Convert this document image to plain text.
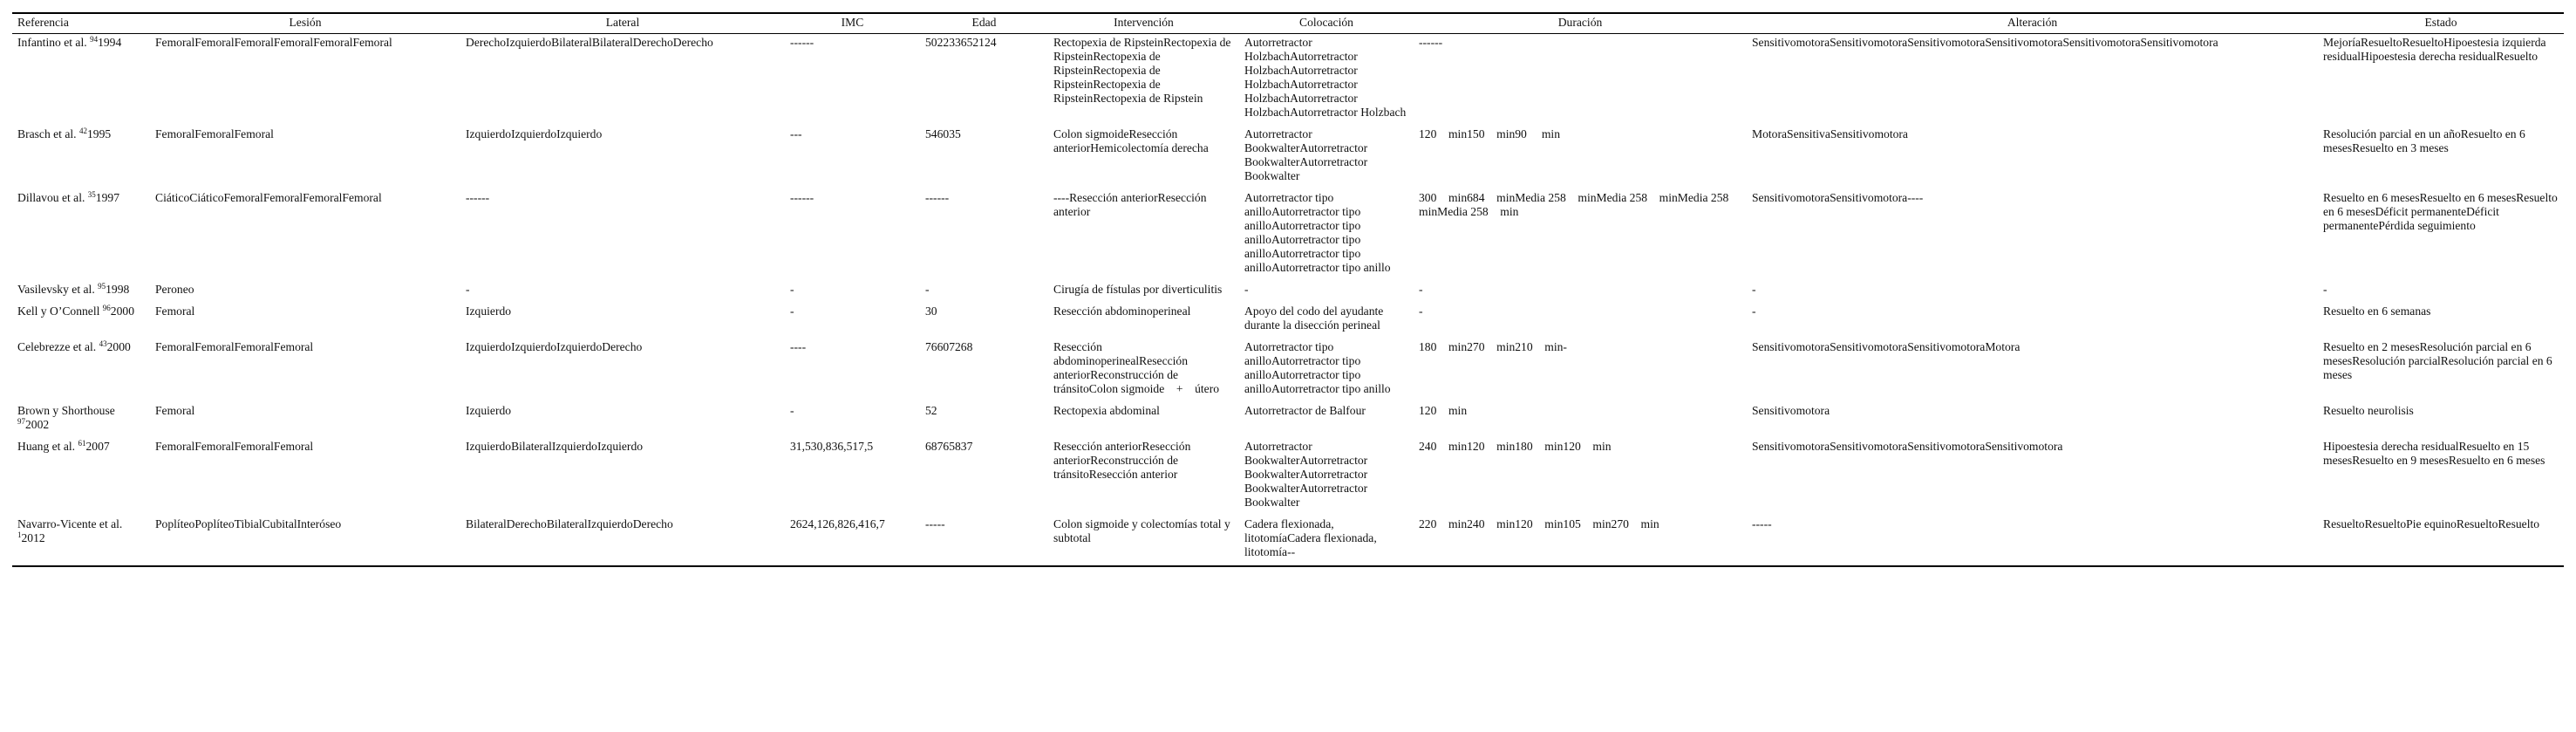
Referencia	Lesión	Lateral	IMC	Edad	Intervención	Colocación	Duración	Alteración	Estado
Infantino et al. $^{94}$1994	FemoralFemoralFemoralFemoralFemoralFemoral	DerechoIzquierdoBilateralBilateralDerechoDerecho	------	502233652124	Rectopexia de RipsteinRectopexia de RipsteinRectopexia de RipsteinRectopexia de RipsteinRectopexia de RipsteinRectopexia de Ripstein	Autorretractor HolzbachAutorretractor HolzbachAutorretractor HolzbachAutorretractor HolzbachAutorretractor HolzbachAutorretractor Holzbach	------	SensitivomotoraSensitivomotoraSensitivomotoraSensitivomotoraSensitivomotoraSensitivomotora	MejoríaResueltoResueltoHipoestesia izquierda residualHipoestesia derecha residualResuelto
Brasch et al. $^{42}$1995	FemoralFemoralFemoral	IzquierdoIzquierdoIzquierdo	---	546035	Colon sigmoideResección anteriorHemicolectomía derecha	Autorretractor BookwalterAutorretractor BookwalterAutorretractor Bookwalter	120    min150    min90     min	MotoraSensitivaSensitivomotora	Resolución parcial en un añoResuelto en 6 mesesResuelto en 3 meses
Dillavou et al. $^{35}$1997	CiáticoCiáticoFemoralFemoralFemoralFemoral	------	------	------	----Resección anteriorResección anterior	Autorretractor tipo anilloAutorretractor tipo anilloAutorretractor tipo anilloAutorretractor tipo anilloAutorretractor tipo anilloAutorretractor tipo anillo	300    min684    minMedia 258    minMedia 258    minMedia 258    minMedia 258    min	SensitivomotoraSensitivomotora----	Resuelto en 6 mesesResuelto en 6 mesesResuelto en 6 mesesDéficit permanenteDéficit permanentePérdida seguimiento
Vasilevsky et al. $^{95}$1998	Peroneo	-	-	-	Cirugía de fístulas por diverticulitis	-	-	-	-
Kell y O’Connell $^{96}$2000	Femoral	Izquierdo	-	30	Resección abdominoperineal	Apoyo del codo del ayudante durante la disección perineal	-	-	Resuelto en 6 semanas
Celebrezze et al. $^{43}$2000	FemoralFemoralFemoralFemoral	IzquierdoIzquierdoIzquierdoDerecho	----	76607268	Resección abdominoperinealResección anteriorReconstrucción de tránsitoColon sigmoide    +    útero	Autorretractor tipo anilloAutorretractor tipo anilloAutorretractor tipo anilloAutorretractor tipo anillo	180    min270    min210    min-	SensitivomotoraSensitivomotoraSensitivomotoraMotora	Resuelto en 2 mesesResolución parcial en 6 mesesResolución parcialResolución parcial en 6 meses
Brown y Shorthouse $^{97}$2002	Femoral	Izquierdo	-	52	Rectopexia abdominal	Autorretractor de Balfour	120    min	Sensitivomotora	Resuelto neurolisis
Huang et al. $^{61}$2007	FemoralFemoralFemoralFemoral	IzquierdoBilateralIzquierdoIzquierdo	31,530,836,517,5	68765837	Resección anteriorResección anteriorReconstrucción de tránsitoResección anterior	Autorretractor BookwalterAutorretractor BookwalterAutorretractor BookwalterAutorretractor Bookwalter	240    min120    min180    min120    min	SensitivomotoraSensitivomotoraSensitivomotoraSensitivomotora	Hipoestesia derecha residualResuelto en 15 mesesResuelto en 9 mesesResuelto en 6 meses
Navarro-Vicente et al. $^1$2012	PoplíteoPoplíteoTibialCubitalInteróseo	BilateralDerechoBilateralIzquierdoDerecho	2624,126,826,416,7	-----	Colon sigmoide y colectomías total y subtotal	Cadera flexionada, litotomíaCadera flexionada, litotomía--	220    min240    min120    min105    min270    min	-----	ResueltoResueltoPie equinoResueltoResuelto
